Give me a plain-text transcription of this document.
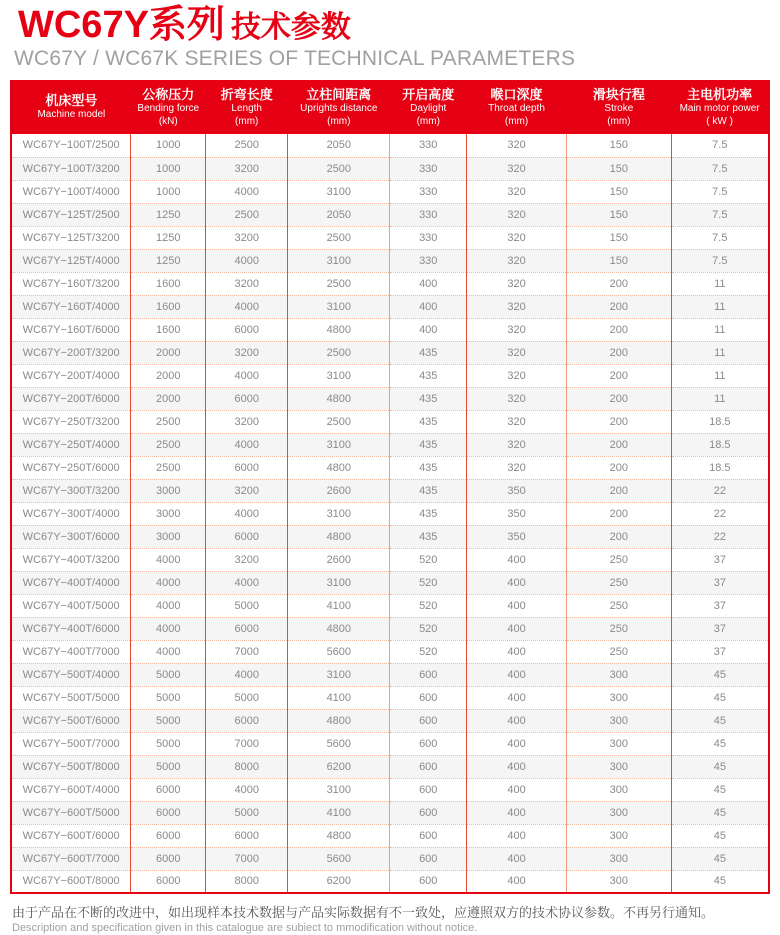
WC67Y系列 技术参数
WC67Y / WC67K SERIES OF TECHNICAL PARAMETERS
机床型号
Machine model

公称压力
Bending force
(kN)

折弯长度
Length
(mm)

立柱间距离
Uprights distance
(mm)

开启高度
Daylight
(mm)

喉口深度
Throat depth
(mm)

滑块行程
Stroke
(mm)

主电机功率
Main motor power
( kW )

WC67Y−100T/2500	1000	2500	2050	330	320	150	7.5
WC67Y−100T/3200	1000	3200	2500	330	320	150	7.5
WC67Y−100T/4000	1000	4000	3100	330	320	150	7.5
WC67Y−125T/2500	1250	2500	2050	330	320	150	7.5
WC67Y−125T/3200	1250	3200	2500	330	320	150	7.5
WC67Y−125T/4000	1250	4000	3100	330	320	150	7.5
WC67Y−160T/3200	1600	3200	2500	400	320	200	11
WC67Y−160T/4000	1600	4000	3100	400	320	200	11
WC67Y−160T/6000	1600	6000	4800	400	320	200	11
WC67Y−200T/3200	2000	3200	2500	435	320	200	11
WC67Y−200T/4000	2000	4000	3100	435	320	200	11
WC67Y−200T/6000	2000	6000	4800	435	320	200	11
WC67Y−250T/3200	2500	3200	2500	435	320	200	18.5
WC67Y−250T/4000	2500	4000	3100	435	320	200	18.5
WC67Y−250T/6000	2500	6000	4800	435	320	200	18.5
WC67Y−300T/3200	3000	3200	2600	435	350	200	22
WC67Y−300T/4000	3000	4000	3100	435	350	200	22
WC67Y−300T/6000	3000	6000	4800	435	350	200	22
WC67Y−400T/3200	4000	3200	2600	520	400	250	37
WC67Y−400T/4000	4000	4000	3100	520	400	250	37
WC67Y−400T/5000	4000	5000	4100	520	400	250	37
WC67Y−400T/6000	4000	6000	4800	520	400	250	37
WC67Y−400T/7000	4000	7000	5600	520	400	250	37
WC67Y−500T/4000	5000	4000	3100	600	400	300	45
WC67Y−500T/5000	5000	5000	4100	600	400	300	45
WC67Y−500T/6000	5000	6000	4800	600	400	300	45
WC67Y−500T/7000	5000	7000	5600	600	400	300	45
WC67Y−500T/8000	5000	8000	6200	600	400	300	45
WC67Y−600T/4000	6000	4000	3100	600	400	300	45
WC67Y−600T/5000	6000	5000	4100	600	400	300	45
WC67Y−600T/6000	6000	6000	4800	600	400	300	45
WC67Y−600T/7000	6000	7000	5600	600	400	300	45
WC67Y−600T/8000	6000	8000	6200	600	400	300	45
由于产品在不断的改进中，如出现样本技术数据与产品实际数据有不一致处，应遵照双方的技术协议参数。不再另行通知。
Description and specification given in this catalogue are subiect to mmodification without notice.
